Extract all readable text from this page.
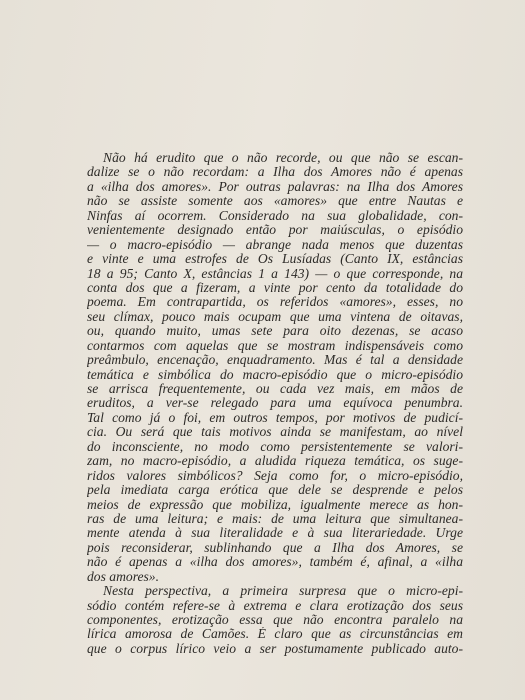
Não há erudito que o não recorde, ou que não se escan-
dalize se o não recordam: a Ilha dos Amores não é apenas
a «ilha dos amores». Por outras palavras: na Ilha dos Amores
não se assiste somente aos «amores» que entre Nautas e
Ninfas aí ocorrem. Considerado na sua globalidade, con-
venientemente designado então por maiúsculas, o episódio
— o macro-episódio — abrange nada menos que duzentas
e vinte e uma estrofes de Os Lusíadas (Canto IX, estâncias
18 a 95; Canto X, estâncias 1 a 143) — o que corresponde, na
conta dos que a fizeram, a vinte por cento da totalidade do
poema. Em contrapartida, os referidos «amores», esses, no
seu clímax, pouco mais ocupam que uma vintena de oitavas,
ou, quando muito, umas sete para oito dezenas, se acaso
contarmos com aquelas que se mostram indispensáveis como
preâmbulo, encenação, enquadramento. Mas é tal a densidade
temática e simbólica do macro-episódio que o micro-episódio
se arrisca frequentemente, ou cada vez mais, em mãos de
eruditos, a ver-se relegado para uma equívoca penumbra.
Tal como já o foi, em outros tempos, por motivos de pudicí-
cia. Ou será que tais motivos ainda se manifestam, ao nível
do inconsciente, no modo como persistentemente se valori-
zam, no macro-episódio, a aludida riqueza temática, os suge-
ridos valores simbólicos? Seja como for, o micro-episódio,
pela imediata carga erótica que dele se desprende e pelos
meios de expressão que mobiliza, igualmente merece as hon-
ras de uma leitura; e mais: de uma leitura que simultanea-
mente atenda à sua literalidade e à sua literariedade. Urge
pois reconsiderar, sublinhando que a Ilha dos Amores, se
não é apenas a «ilha dos amores», também é, afinal, a «ilha
dos amores».
Nesta perspectiva, a primeira surpresa que o micro-epi-
sódio contém refere-se à extrema e clara erotização dos seus
componentes, erotização essa que não encontra paralelo na
lírica amorosa de Camões. É claro que as circunstâncias em
que o corpus lírico veio a ser postumamente publicado auto-
